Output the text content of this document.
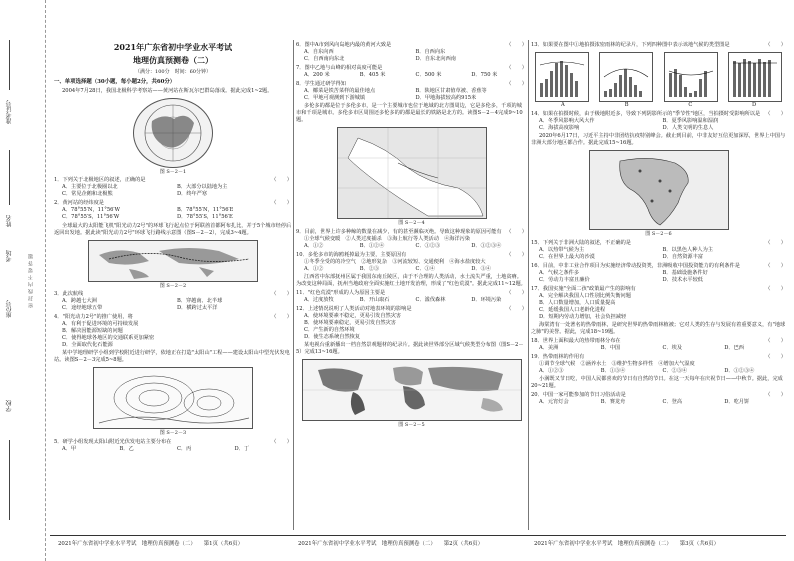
准考证号
姓名
考场
座位号
学校
密封线内不要答题
2021年广东省初中学业水平考试
地理仿真预测卷（二）
（满分：100分　时间：60分钟）
一、单项选择题（30小题，每小题2分，共60分）
2004年7月28日，我国北极科学考察站——黄河站在斯瓦尔巴群岛落成。据此完成1~2题。
图 S－2－1
1．下列关于北极地区的叙述，正确的是	（　　）
A．主要位于北极圈以北	B．大部分以陆地为主
C．常见企鹅和北极熊	D．终年严寒
2．黄河站的经纬度是	（　　）
A．78°55′N，11°56′W	B．78°55′N，11°56′E
C．78°55′S，11°56′W	D．78°55′S，11°56′E
全球最大的太阳能飞机"阳光动力2号"的环球飞行起点位于阿联酋首都阿布扎比，并于5个城市经停后返回出发地。据此读"阳光动力2号"环球飞行路线示意图（图S－2－2），完成3~4题。
图 S－2－2
3．此次航线	（　　）
A．跨越七大洲	B．穿越南、北半球
C．途经地球五带	D．横跨过太平洋
4．"阳光动力2号"的推广使用，将	（　　）
A．有利于促进环境的可持续发展
B．解决因能源短缺的问题
C．使得地球各地区的交通联系更加紧密
D．全面取代化石能源
某中学地理研学小组到学校附近进行研学，依地正在打造"太阳山"工程——建设太阳山中型光伏发电站。读图S－2－3完成5~8题。
图 S－2－3
5．研学小组发现太阳山附近光伏发电站主要分布在	（　　）
A．甲	B．乙	C．丙	D．丁
6．图中A市到风向岛地内最的黄河大致是	（　　）
A．自东向西	B．自西向东
C．自西南向东北	D．自东北向西南
7．图中乙地与山峰的相对高度可能是	（　　）
A．200 米	B．405 米	C．500 米	D．750 米
8．学生通过研学得知	（　　）
A．椰菜是铁苦菜样的最佳地点	B．陕地区甘肃值草被、香蕉等
C．甲地可观测到下游城镇	D．甲地海拔较高约915米
多伦多的都是位于多伦多市，是一个主要城市也位于地域的北方图周边，它是多伦多，千项的城市和千项是城市。多伦多市区周围还多伦多的的都是最长的铁路是北方的。读图S－2－4完成9~10题。
图 S－2－4
9．目前，世界上许多种鲸的数量在减少，有的甚至濒临灭绝。导致这种现象的原因可能有 （　　）
①全球气候变暖　②人类过度捕杀　③海上航行等人类活动　④海洋污染
A．①②	B．①②④	C．①②③	D．①②③④
10．多伦多市的海鸥耗掉最为主要，主要原因有	（　　）
①冬季全受的的冷空气　②地形复杂　③河流较短、交通便利　④海水盐度较大
A．①②	B．②③	C．①④	D．③④
江西省中东部抚州区属于我国东南丘陵区，由于不合理的人类活动，水土流失严重，土地贫瘠。为改变这种局面，抚州当地政府全面实施红土地开发治理，形成了"红色荒漠"。据此完成11~12题。
11．"红色荒漠"形成的人为原因主要是	（　　）
A．过度放牧	B．开山取石	C．滥伐森林	D．环境污染
12．上述情况说明了人类活动对地表环境的影响是	（　　）
A．使环境要素不稳定，更易引发自然灾害
B．使环境要素稳定，更易引发自然灾害
C．产生新的自然环境
D．使生态系统自然恢复
某电视台重新播出一档自然景观题材的纪录片。据此读世界部分区域气候类型分布图（图S－2－5）完成13~16题。
图 S－2－5
13．如果要在图中①地拍摄浓密雨林的纪录片，下列四种图中表示该地气候的类型图是	（　　）
A	B	C	D
14．如果在拍摄时候，由于极地附近多，导致下列阴影所示的"季节性"地区，当拍摄时受影响所以是 （　　）
A．冬季风影响大风大作	B．夏季风影响温和湿润
C．海拔高度影响	D．人类文明的生息人
2020年6月17日，习近平主持中非团结抗疫特别峰会。截止到目前，中非友好互信更加深厚，世界上中国与非洲大部分地区都合作。据此完成15~16题。
图 S－2－6
15．下列关于非洲大陆的叙述，不正确的是	（　　）
A．以热带气候为主	B．以黑色人种人为主
C．在世界上最大的沙漠	D．自然资源丰富
16．目前，中非工业合作项目为实施经济带动投资类，非洲吸收中国投资能力的有利条件是	（　　）
A．气候之条件多	B．基础设施条件好
C．劳动力丰富且廉价	D．技术水平较低
17．我国实施"全面二孩"政策最产生的影响有	（　　）
A．完全解决我国人口性别比例失衡问题
B．人口数量增加，人口质量提高
C．延缓我国人口老龄化进程
D．短期内劳动力增加，社会负担减轻
海棠湾有一处著名的热带雨林，是研究世界的热带雨林植被；它对人类的生存与发展有着重要意义，有"地球之肺"的美誉。据此，完成18~19题。
18．世界上面积最大的热带雨林分布在	（　　）
A．美洲	B．中国	C．埃及	D．巴西
19．热带雨林的作用有	（　　）
①调节全球气候　②涵养水土　③维护生物多样性　④增加大气湿度
A．①②③	B．①③④	C．②③④	D．①②③④
小满既又节日吃，中国人民都喜欢的节日有自然的节日。在这一天每年在庆祝节日——中秋节。据此，完成20~21题。
20．中国一家可能参加的节日习俗活动是	（　　）
A．元宵灯会	B．赛龙舟	C．登高	D．吃月饼
2021年广东省初中学业水平考试　地理仿真预测卷（二）　　第1页（共6页）	2021年广东省初中学业水平考试　地理仿真预测卷（二）　　第2页（共6页）	2021年广东省初中学业水平考试　地理仿真预测卷（二）　　第3页（共6页）
